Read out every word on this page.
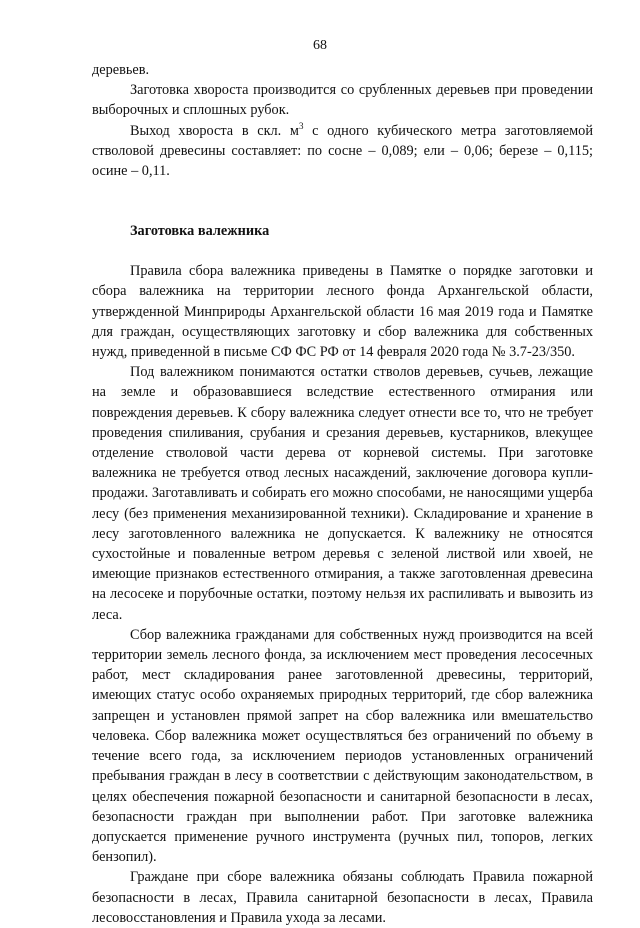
68

деревьев.

Заготовка хвороста производится со срубленных деревьев при проведении выборочных и сплошных рубок.

Выход хвороста в скл. $м^3$ с одного кубического метра заготовляемой стволовой древесины составляет: по сосне – 0,089; ели – 0,06; березе – 0,115; осине – 0,11.

Заготовка валежника

Правила сбора валежника приведены в Памятке о порядке заготовки и сбора валежника на территории лесного фонда Архангельской области, утвержденной Минприроды Архангельской области 16 мая 2019 года и Памятке для граждан, осуществляющих заготовку и сбор валежника для собственных нужд, приведенной в письме СФ ФС РФ от 14 февраля 2020 года № 3.7-23/350.

Под валежником понимаются остатки стволов деревьев, сучьев, лежащие на земле и образовавшиеся вследствие естественного отмирания или повреждения деревьев. К сбору валежника следует отнести все то, что не требует проведения спиливания, срубания и срезания деревьев, кустарников, влекущее отделение стволовой части дерева от корневой системы. При заготовке валежника не требуется отвод лесных насаждений, заключение договора купли-продажи. Заготавливать и собирать его можно способами, не наносящими ущерба лесу (без применения механизированной техники). Складирование и хранение в лесу заготовленного валежника не допускается. К валежнику не относятся сухостойные и поваленные ветром деревья с зеленой листвой или хвоей, не имеющие признаков естественного отмирания, а также заготовленная древесина на лесосеке и порубочные остатки, поэтому нельзя их распиливать и вывозить из леса.

Сбор валежника гражданами для собственных нужд производится на всей территории земель лесного фонда, за исключением мест проведения лесосечных работ, мест складирования ранее заготовленной древесины, территорий, имеющих статус особо охраняемых природных территорий, где сбор валежника запрещен и установлен прямой запрет на сбор валежника или вмешательство человека. Сбор валежника может осуществляться без ограничений по объему в течение всего года, за исключением периодов установленных ограничений пребывания граждан в лесу в соответствии с действующим законодательством, в целях обеспечения пожарной безопасности и санитарной безопасности в лесах, безопасности граждан при выполнении работ. При заготовке валежника допускается применение ручного инструмента (ручных пил, топоров, легких бензопил).

Граждане при сборе валежника обязаны соблюдать Правила пожарной безопасности в лесах, Правила санитарной безопасности в лесах, Правила лесовосстановления и Правила ухода за лесами.
